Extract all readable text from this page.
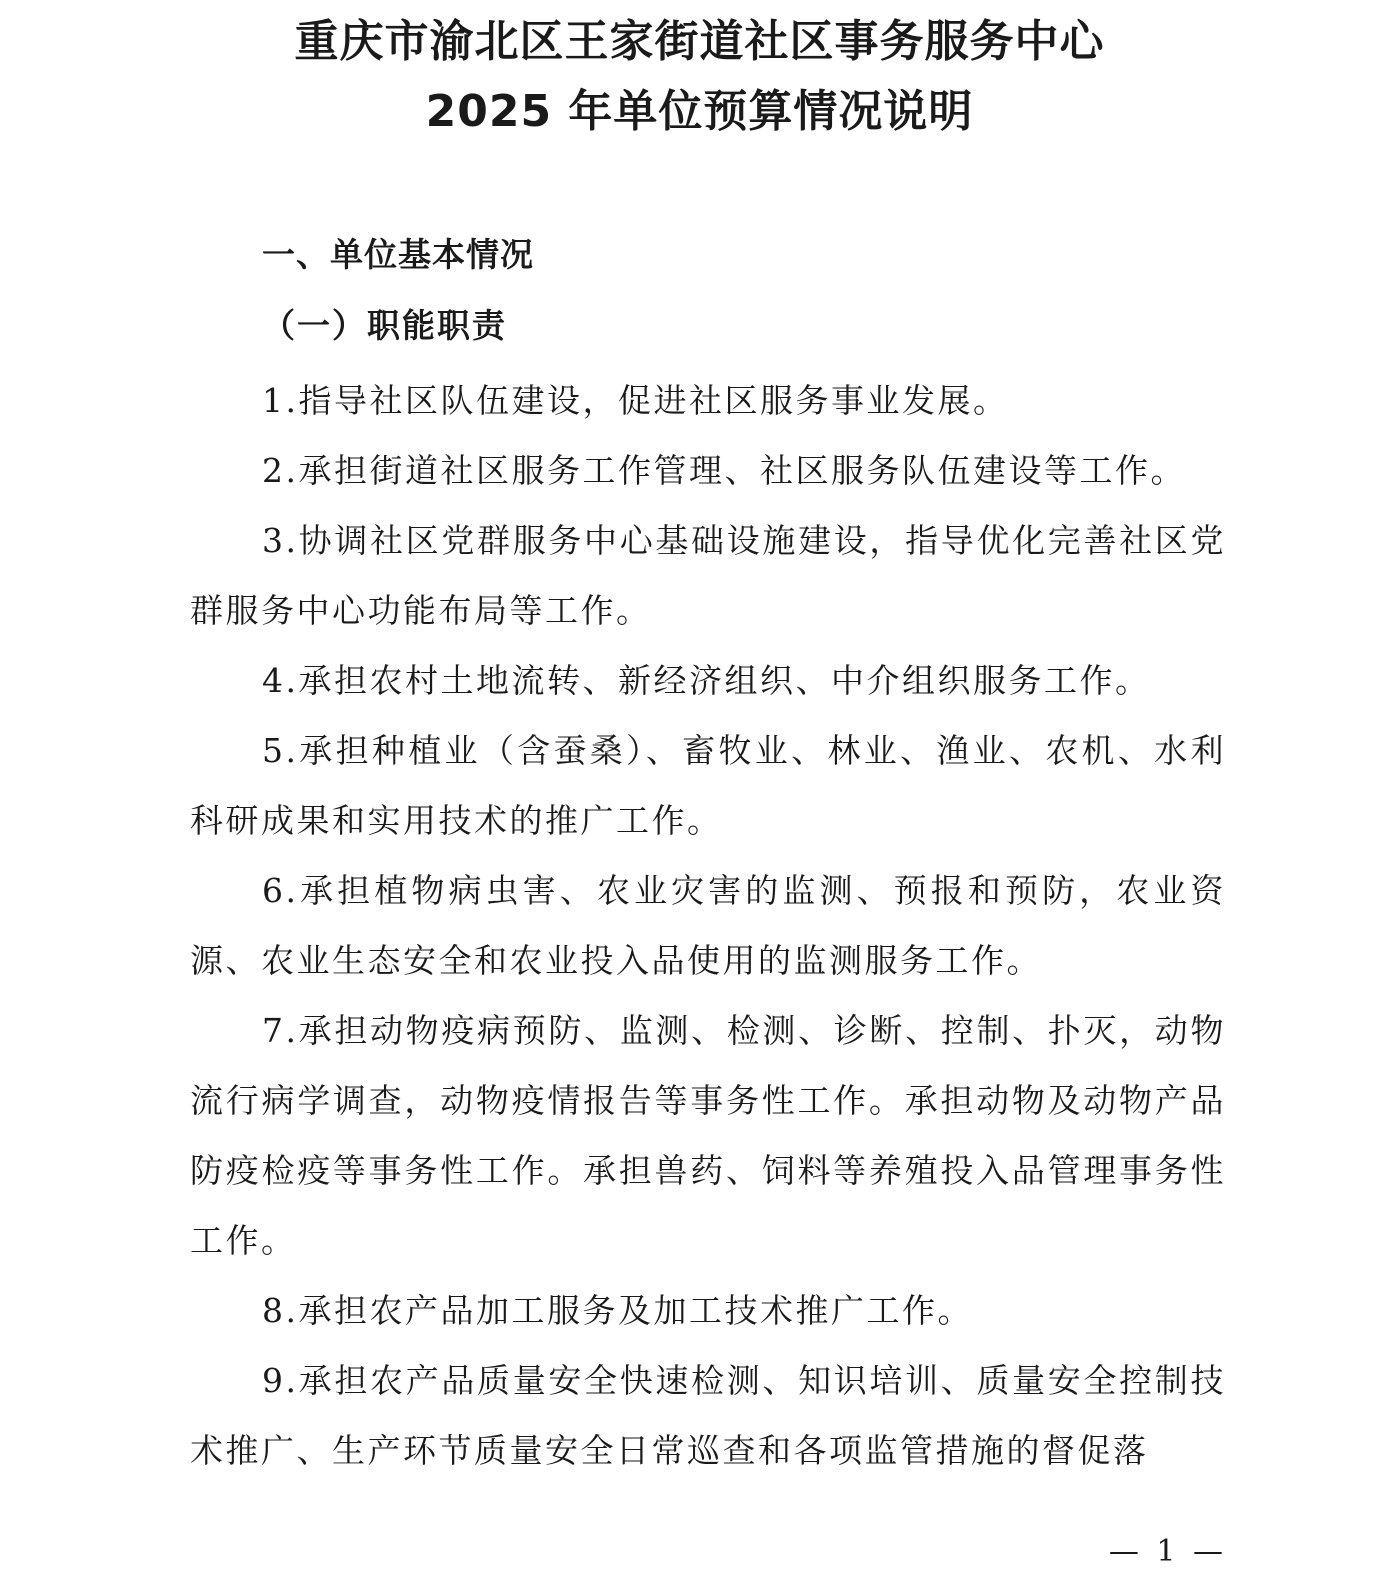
重庆市渝北区王家街道社区事务服务中心
2025 年单位预算情况说明
一、单位基本情况
（一）职能职责

1.指导社区队伍建设，促进社区服务事业发展。

2.承担街道社区服务工作管理、社区服务队伍建设等工作。

3.协调社区党群服务中心基础设施建设，指导优化完善社区党群服务中心功能布局等工作。

4.承担农村土地流转、新经济组织、中介组织服务工作。

5.承担种植业（含蚕桑）、畜牧业、林业、渔业、农机、水利科研成果和实用技术的推广工作。

6.承担植物病虫害、农业灾害的监测、预报和预防，农业资源、农业生态安全和农业投入品使用的监测服务工作。

7.承担动物疫病预防、监测、检测、诊断、控制、扑灭，动物流行病学调查，动物疫情报告等事务性工作。承担动物及动物产品防疫检疫等事务性工作。承担兽药、饲料等养殖投入品管理事务性工作。

8.承担农产品加工服务及加工技术推广工作。

9.承担农产品质量安全快速检测、知识培训、质量安全控制技术推广、生产环节质量安全日常巡查和各项监管措施的督促落

— 1 —
